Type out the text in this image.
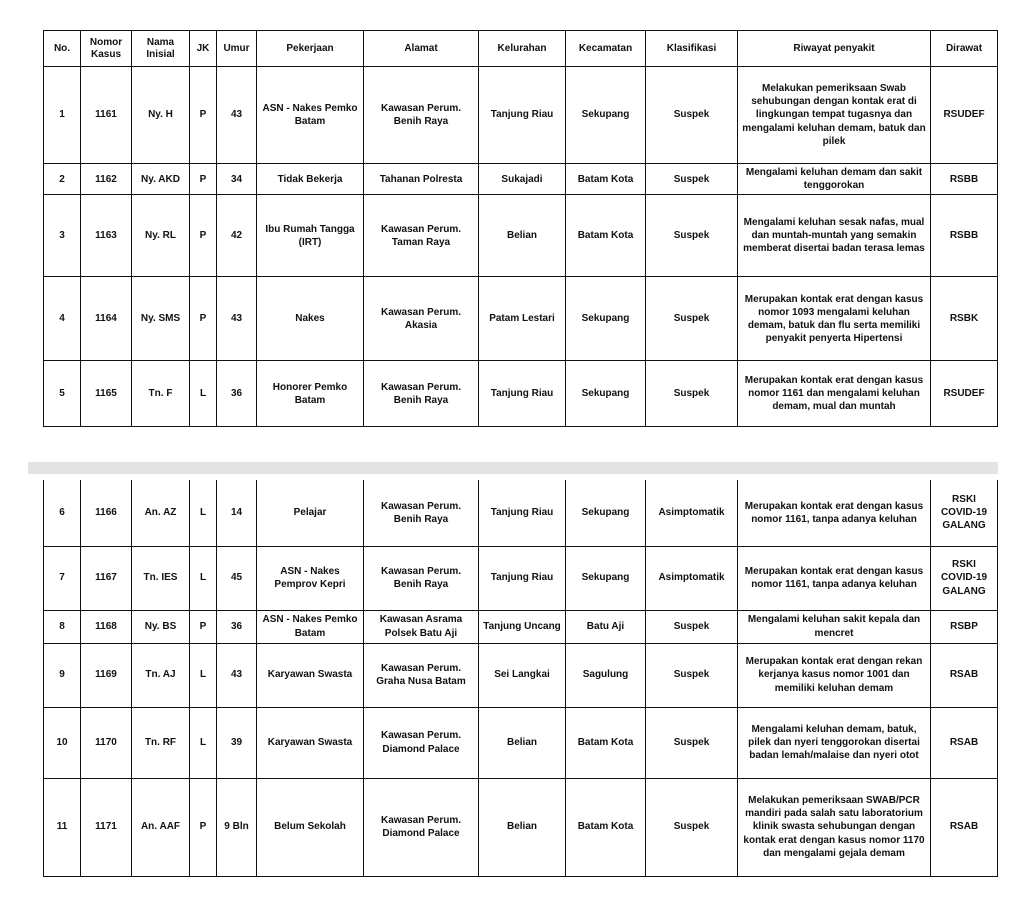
No.	Nomor Kasus	Nama Inisial	JK	Umur	Pekerjaan	Alamat	Kelurahan	Kecamatan	Klasifikasi	Riwayat penyakit	Dirawat
1	1161	Ny. H	P	43	ASN - Nakes Pemko Batam	Kawasan Perum. Benih Raya	Tanjung Riau	Sekupang	Suspek	Melakukan pemeriksaan Swab sehubungan dengan kontak erat di lingkungan tempat tugasnya dan mengalami keluhan demam, batuk dan pilek	RSUDEF
2	1162	Ny. AKD	P	34	Tidak Bekerja	Tahanan Polresta	Sukajadi	Batam Kota	Suspek	Mengalami keluhan demam dan sakit tenggorokan	RSBB
3	1163	Ny. RL	P	42	Ibu Rumah Tangga (IRT)	Kawasan Perum. Taman Raya	Belian	Batam Kota	Suspek	Mengalami keluhan sesak nafas, mual dan muntah-muntah yang semakin memberat disertai badan terasa lemas	RSBB
4	1164	Ny. SMS	P	43	Nakes	Kawasan Perum. Akasia	Patam Lestari	Sekupang	Suspek	Merupakan kontak erat dengan kasus nomor 1093 mengalami keluhan demam, batuk dan flu serta memiliki penyakit penyerta Hipertensi	RSBK
5	1165	Tn. F	L	36	Honorer Pemko Batam	Kawasan Perum. Benih Raya	Tanjung Riau	Sekupang	Suspek	Merupakan kontak erat dengan kasus nomor 1161 dan mengalami keluhan demam, mual dan muntah	RSUDEF
6	1166	An. AZ	L	14	Pelajar	Kawasan Perum. Benih Raya	Tanjung Riau	Sekupang	Asimptomatik	Merupakan kontak erat dengan kasus nomor 1161, tanpa adanya keluhan	RSKI COVID-19 GALANG
7	1167	Tn. IES	L	45	ASN - Nakes Pemprov Kepri	Kawasan Perum. Benih Raya	Tanjung Riau	Sekupang	Asimptomatik	Merupakan kontak erat dengan kasus nomor 1161, tanpa adanya keluhan	RSKI COVID-19 GALANG
8	1168	Ny. BS	P	36	ASN - Nakes Pemko Batam	Kawasan Asrama Polsek Batu Aji	Tanjung Uncang	Batu Aji	Suspek	Mengalami keluhan sakit kepala dan mencret	RSBP
9	1169	Tn. AJ	L	43	Karyawan Swasta	Kawasan Perum. Graha Nusa Batam	Sei Langkai	Sagulung	Suspek	Merupakan kontak erat dengan rekan kerjanya kasus nomor 1001 dan memiliki keluhan demam	RSAB
10	1170	Tn. RF	L	39	Karyawan Swasta	Kawasan Perum. Diamond Palace	Belian	Batam Kota	Suspek	Mengalami keluhan demam, batuk, pilek dan nyeri tenggorokan disertai badan lemah/malaise dan nyeri otot	RSAB
11	1171	An. AAF	P	9 Bln	Belum Sekolah	Kawasan Perum. Diamond Palace	Belian	Batam Kota	Suspek	Melakukan pemeriksaan SWAB/PCR mandiri pada salah satu laboratorium klinik swasta sehubungan dengan kontak erat dengan kasus nomor 1170 dan mengalami gejala demam	RSAB
